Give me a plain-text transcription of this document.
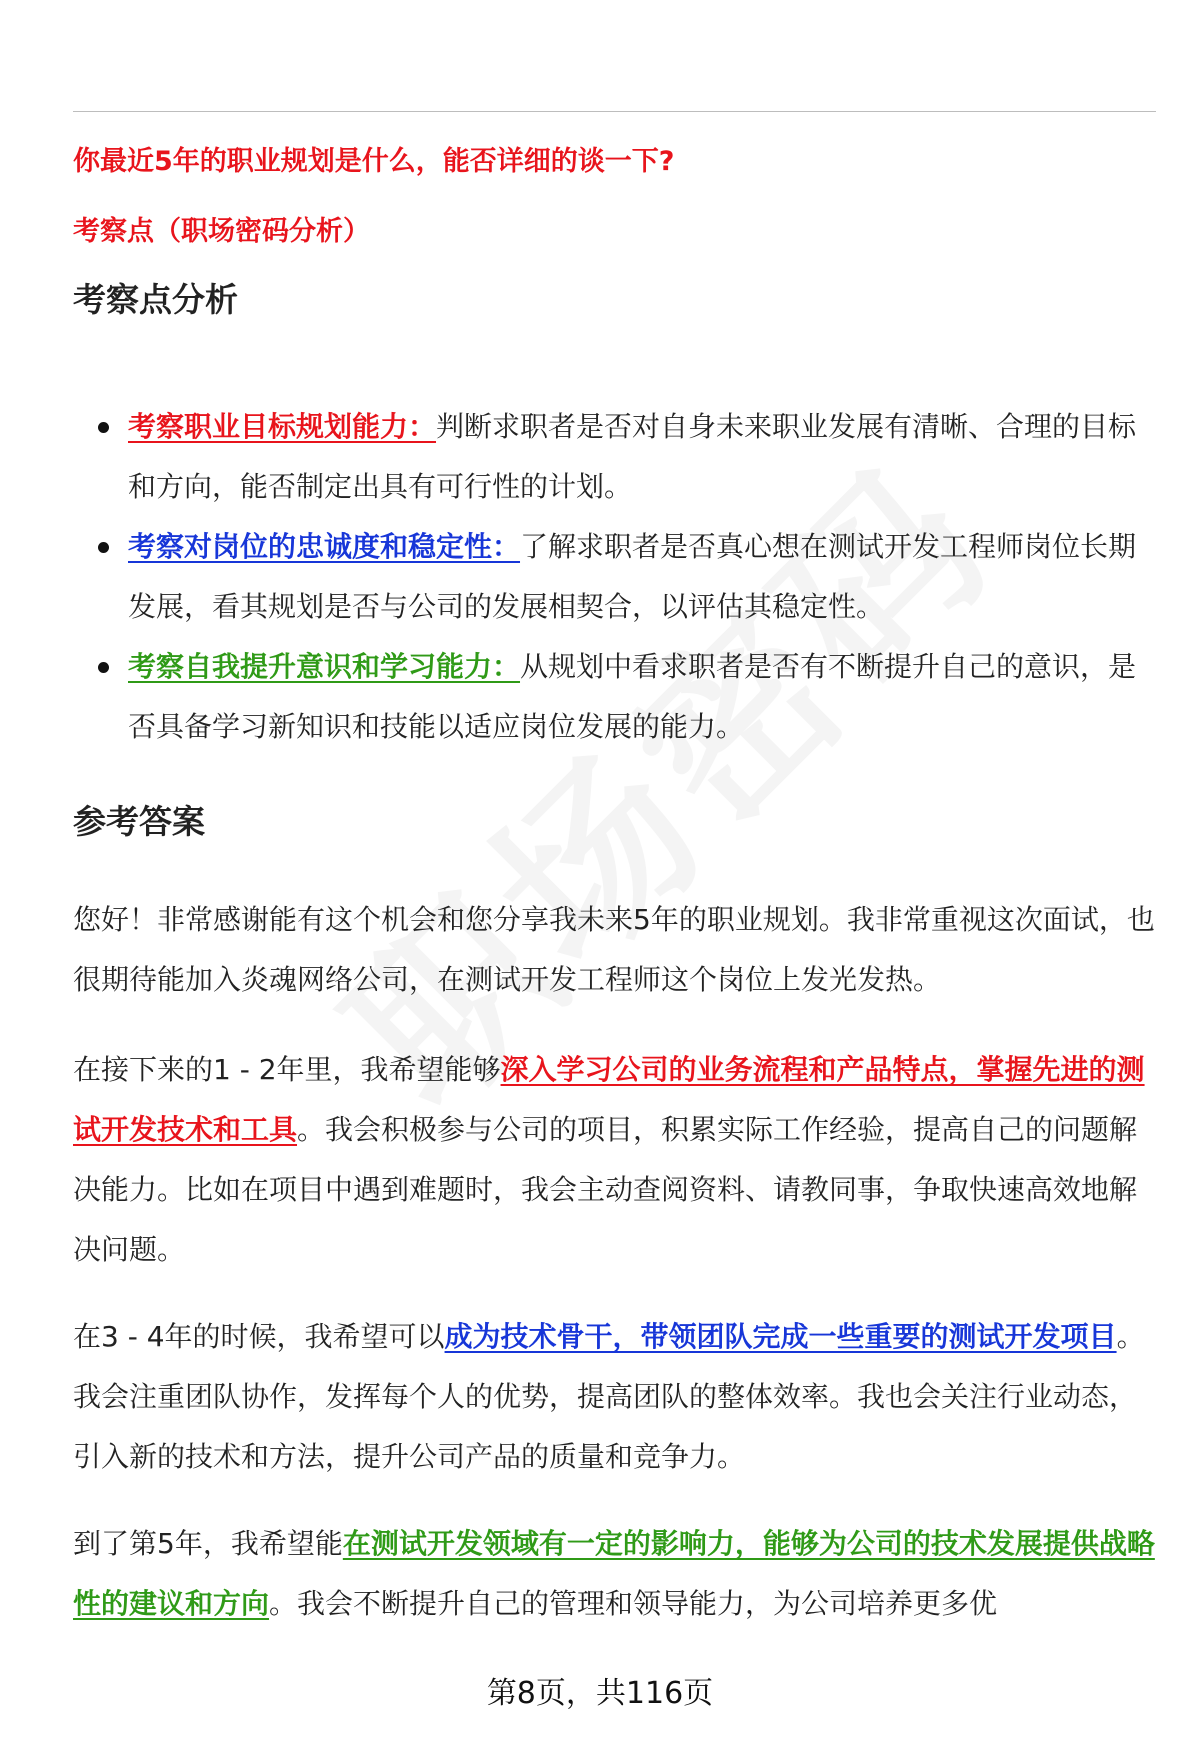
你最近5年的职业规划是什么，能否详细的谈一下?
考察点（职场密码分析）
考察点分析
考察职业目标规划能力：判断求职者是否对自身未来职业发展有清晰、合理的目标和方向，能否制定出具有可行性的计划。
考察对岗位的忠诚度和稳定性：了解求职者是否真心想在测试开发工程师岗位长期发展，看其规划是否与公司的发展相契合，以评估其稳定性。
考察自我提升意识和学习能力：从规划中看求职者是否有不断提升自己的意识，是否具备学习新知识和技能以适应岗位发展的能力。
参考答案

您好！非常感谢能有这个机会和您分享我未来5年的职业规划。我非常重视这次面试，也很期待能加入炎魂网络公司，在测试开发工程师这个岗位上发光发热。

在接下来的1 - 2年里，我希望能够深入学习公司的业务流程和产品特点，掌握先进的测试开发技术和工具。我会积极参与公司的项目，积累实际工作经验，提高自己的问题解决能力。比如在项目中遇到难题时，我会主动查阅资料、请教同事，争取快速高效地解决问题。

在3 - 4年的时候，我希望可以成为技术骨干，带领团队完成一些重要的测试开发项目。我会注重团队协作，发挥每个人的优势，提高团队的整体效率。我也会关注行业动态，引入新的技术和方法，提升公司产品的质量和竞争力。

到了第5年，我希望能在测试开发领域有一定的影响力，能够为公司的技术发展提供战略性的建议和方向。我会不断提升自己的管理和领导能力，为公司培养更多优

第8页，共116页
